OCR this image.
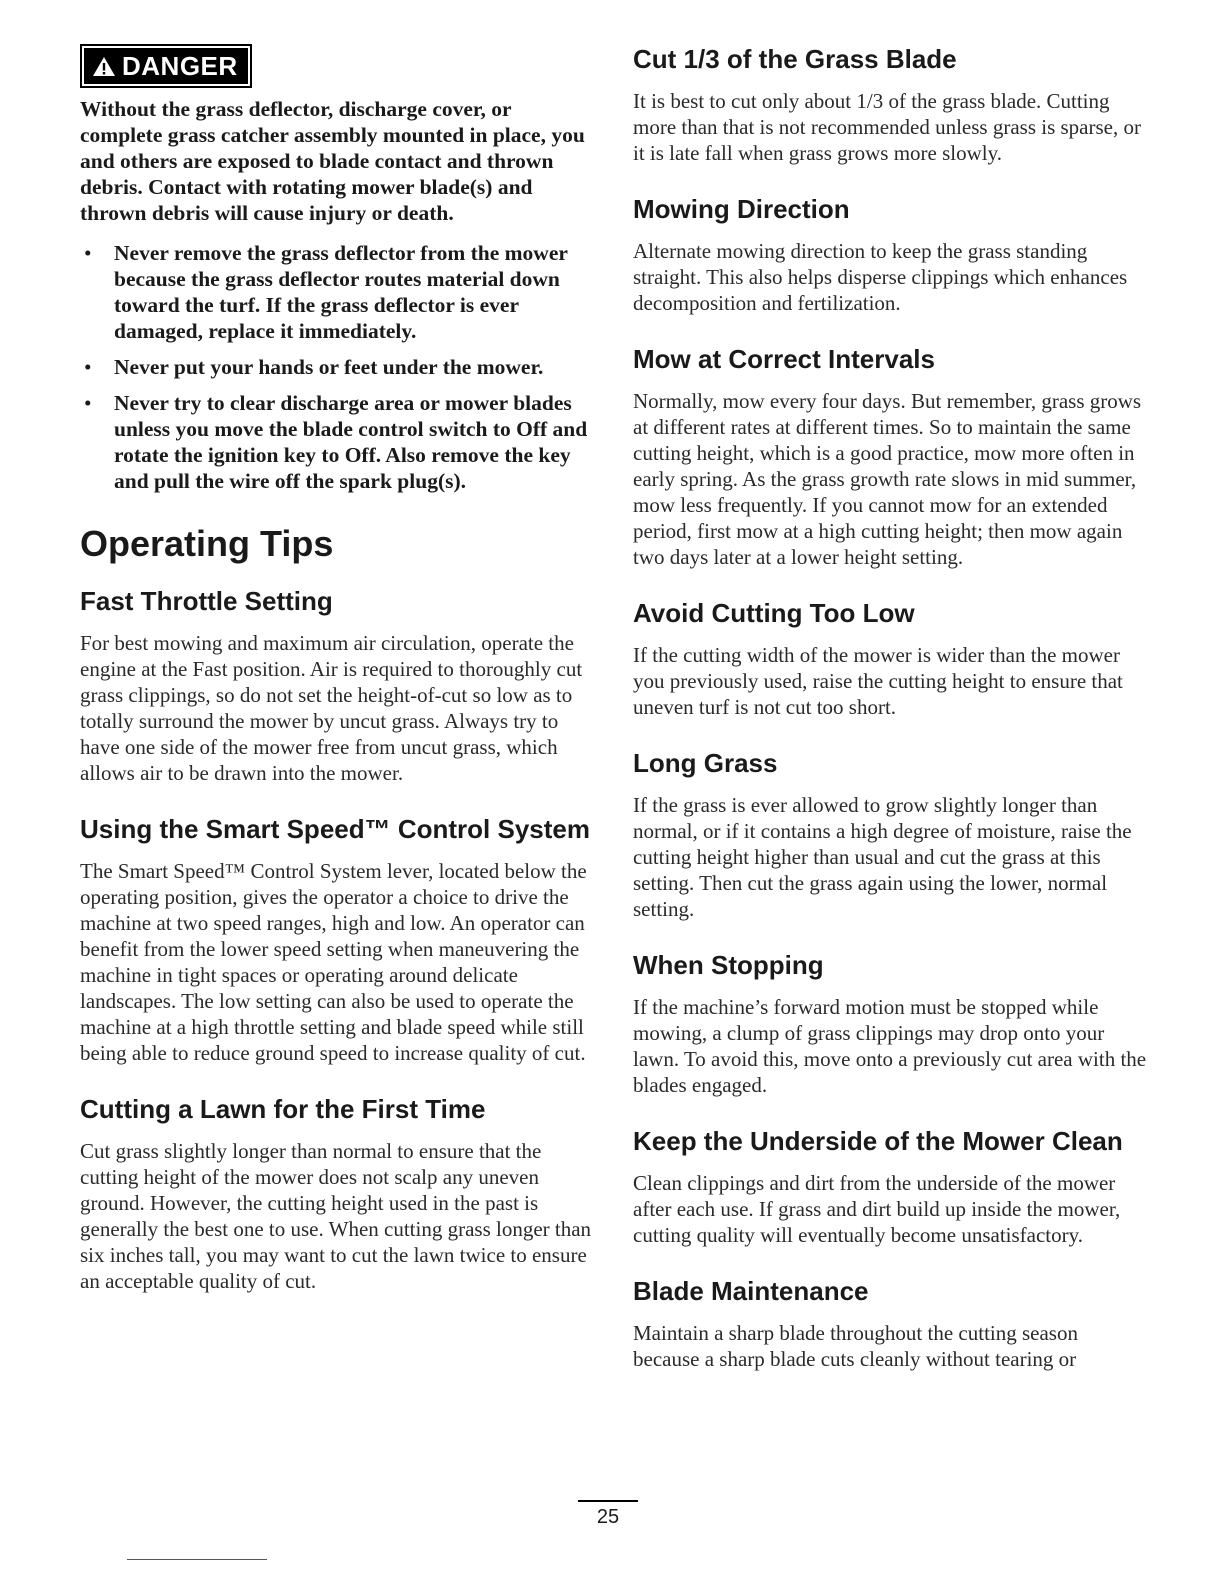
DANGER

Without the grass deflector, discharge cover, or complete grass catcher assembly mounted in place, you and others are exposed to blade contact and thrown debris. Contact with rotating mower blade(s) and thrown debris will cause injury or death.

• Never remove the grass deflector from the mower because the grass deflector routes material down toward the turf. If the grass deflector is ever damaged, replace it immediately.
• Never put your hands or feet under the mower.
• Never try to clear discharge area or mower blades unless you move the blade control switch to Off and rotate the ignition key to Off. Also remove the key and pull the wire off the spark plug(s).
Operating Tips
Fast Throttle Setting

For best mowing and maximum air circulation, operate the engine at the Fast position. Air is required to thoroughly cut grass clippings, so do not set the height-of-cut so low as to totally surround the mower by uncut grass. Always try to have one side of the mower free from uncut grass, which allows air to be drawn into the mower.

Using the Smart Speed™ Control System

The Smart Speed™ Control System lever, located below the operating position, gives the operator a choice to drive the machine at two speed ranges, high and low. An operator can benefit from the lower speed setting when maneuvering the machine in tight spaces or operating around delicate landscapes. The low setting can also be used to operate the machine at a high throttle setting and blade speed while still being able to reduce ground speed to increase quality of cut.

Cutting a Lawn for the First Time

Cut grass slightly longer than normal to ensure that the cutting height of the mower does not scalp any uneven ground. However, the cutting height used in the past is generally the best one to use. When cutting grass longer than six inches tall, you may want to cut the lawn twice to ensure an acceptable quality of cut.

Cut 1/3 of the Grass Blade

It is best to cut only about 1/3 of the grass blade. Cutting more than that is not recommended unless grass is sparse, or it is late fall when grass grows more slowly.

Mowing Direction

Alternate mowing direction to keep the grass standing straight. This also helps disperse clippings which enhances decomposition and fertilization.

Mow at Correct Intervals

Normally, mow every four days. But remember, grass grows at different rates at different times. So to maintain the same cutting height, which is a good practice, mow more often in early spring. As the grass growth rate slows in mid summer, mow less frequently. If you cannot mow for an extended period, first mow at a high cutting height; then mow again two days later at a lower height setting.

Avoid Cutting Too Low

If the cutting width of the mower is wider than the mower you previously used, raise the cutting height to ensure that uneven turf is not cut too short.

Long Grass

If the grass is ever allowed to grow slightly longer than normal, or if it contains a high degree of moisture, raise the cutting height higher than usual and cut the grass at this setting. Then cut the grass again using the lower, normal setting.

When Stopping

If the machine’s forward motion must be stopped while mowing, a clump of grass clippings may drop onto your lawn. To avoid this, move onto a previously cut area with the blades engaged.

Keep the Underside of the Mower Clean

Clean clippings and dirt from the underside of the mower after each use. If grass and dirt build up inside the mower, cutting quality will eventually become unsatisfactory.

Blade Maintenance

Maintain a sharp blade throughout the cutting season because a sharp blade cuts cleanly without tearing or

25
